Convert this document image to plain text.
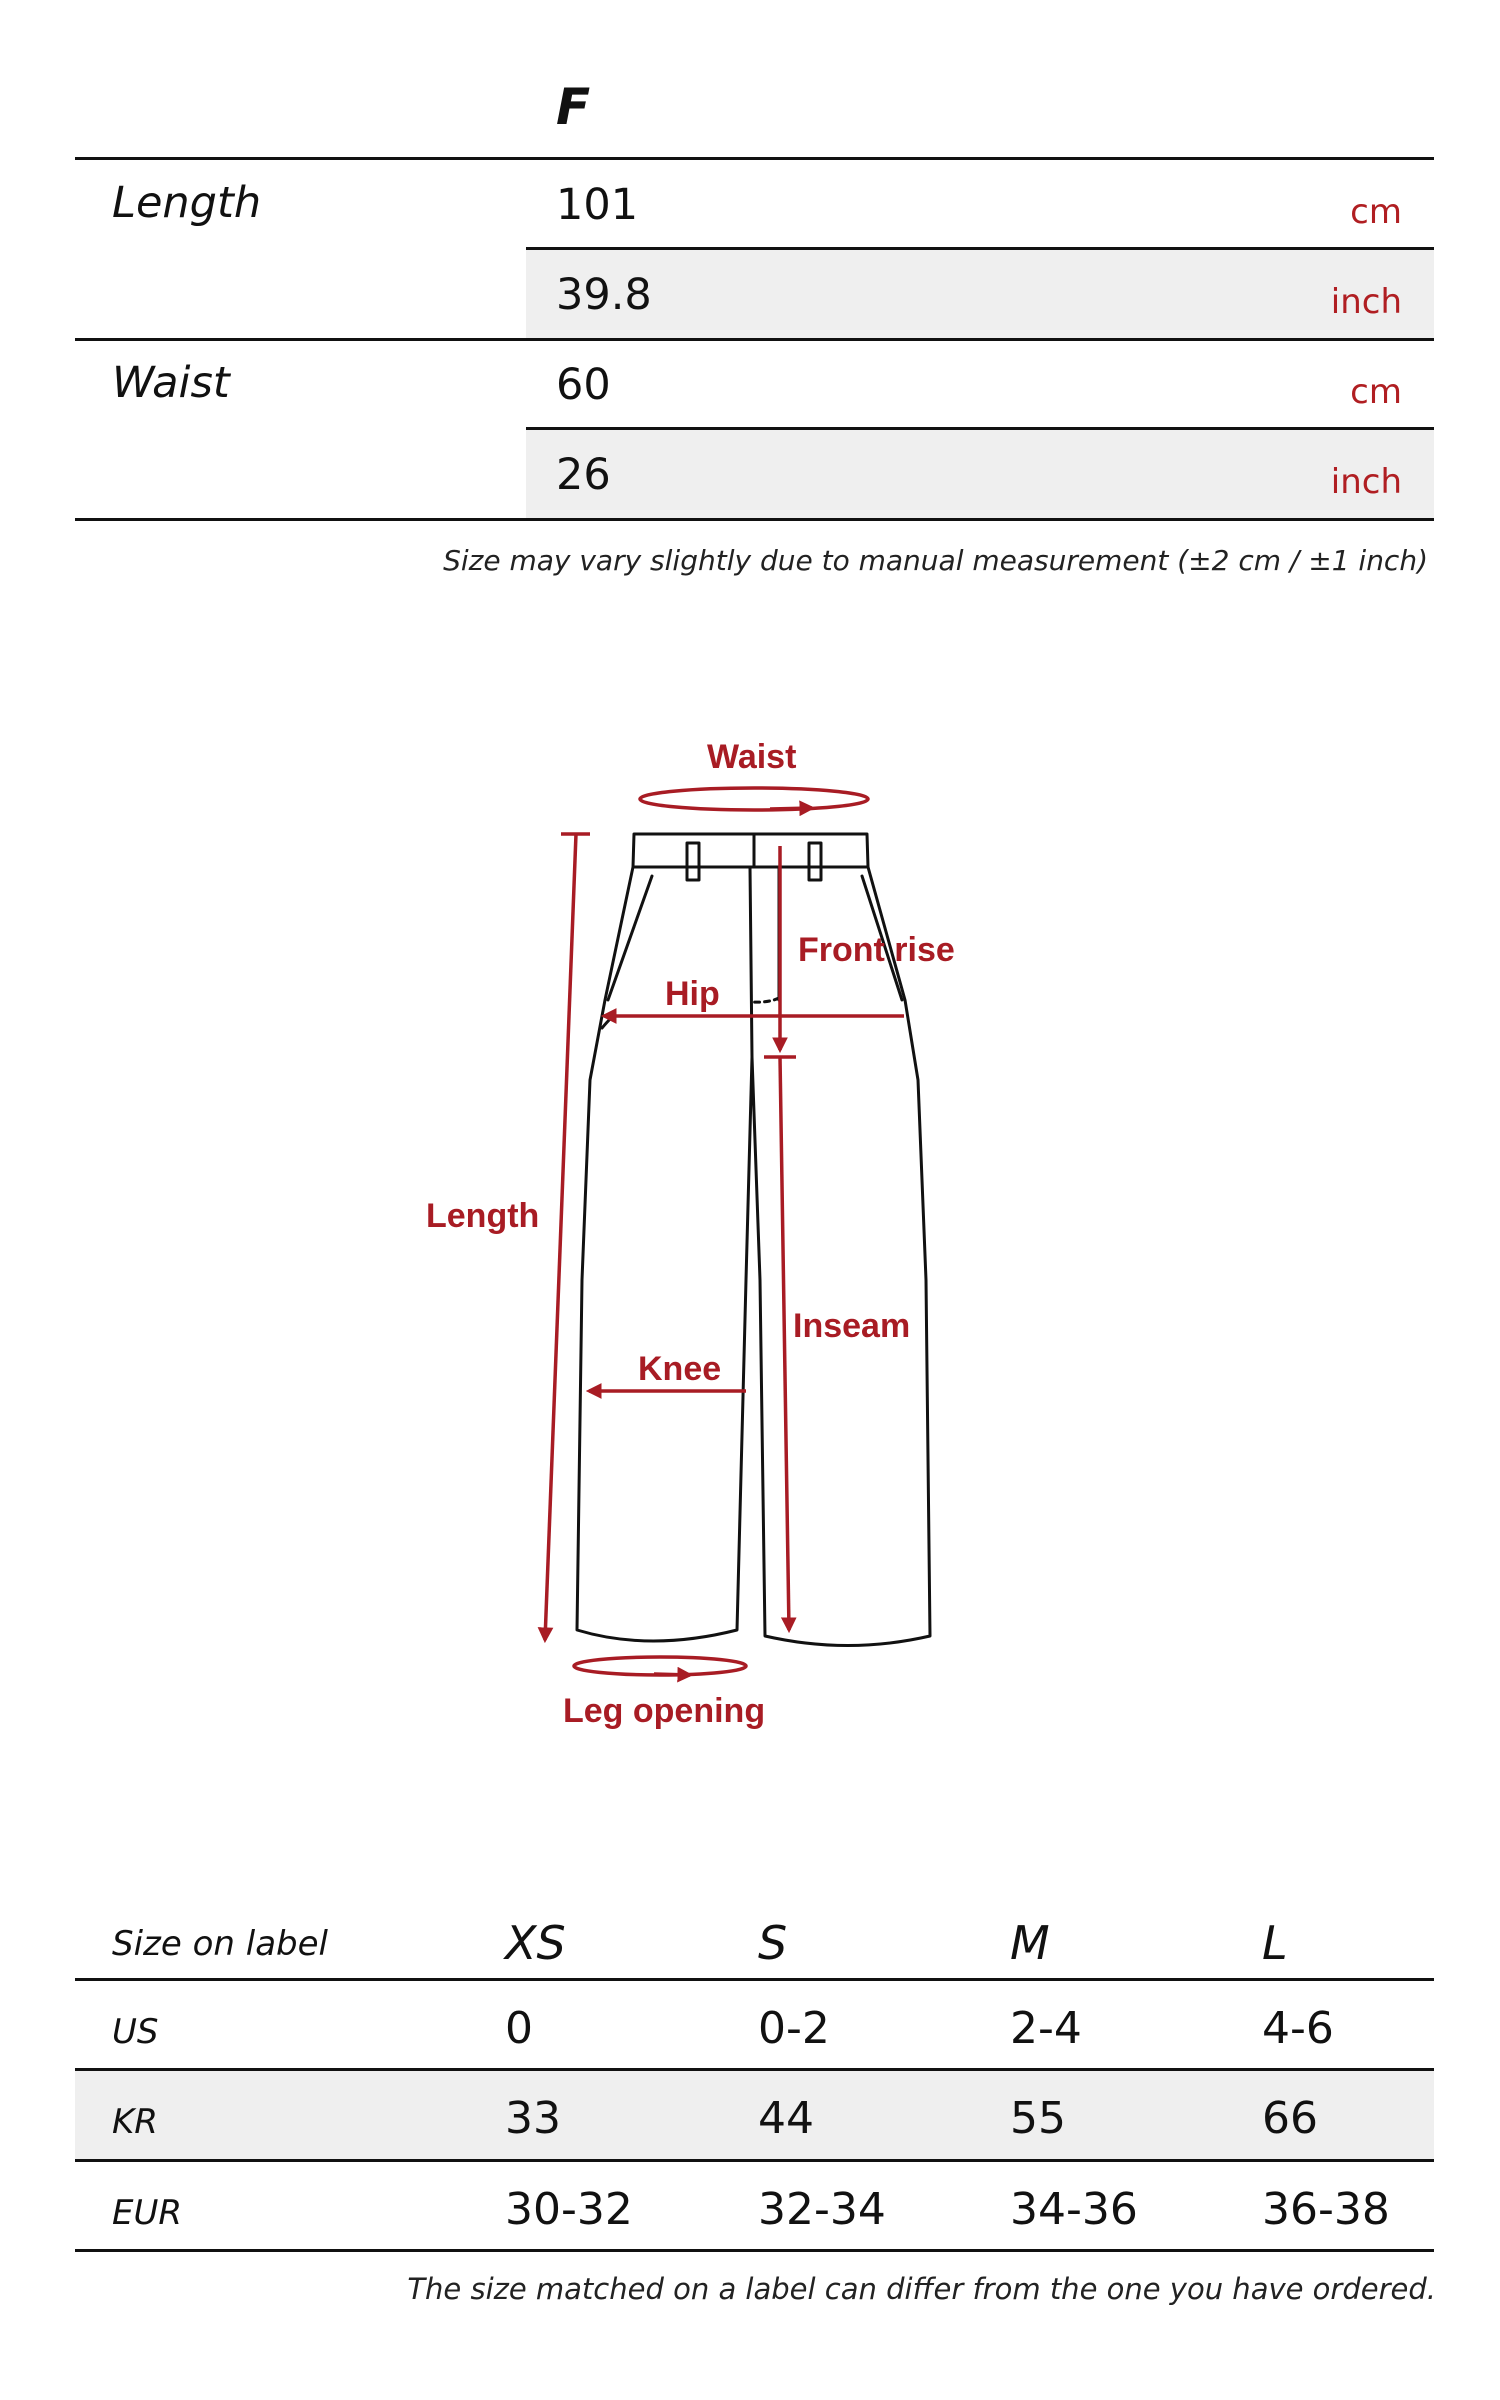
F
Length	101	cm
39.8	inch
Waist	60	cm
26	inch
Size may vary slightly due to manual measurement (±2 cm / ±1 inch)
Waist
Front rise
Hip
Length
Inseam
Knee
Leg opening
Size on label	XS	S	M	L
US	0	0-2	2-4	4-6
KR	33	44	55	66
EUR	30-32	32-34	34-36	36-38
The size matched on a label can differ from the one you have ordered.
